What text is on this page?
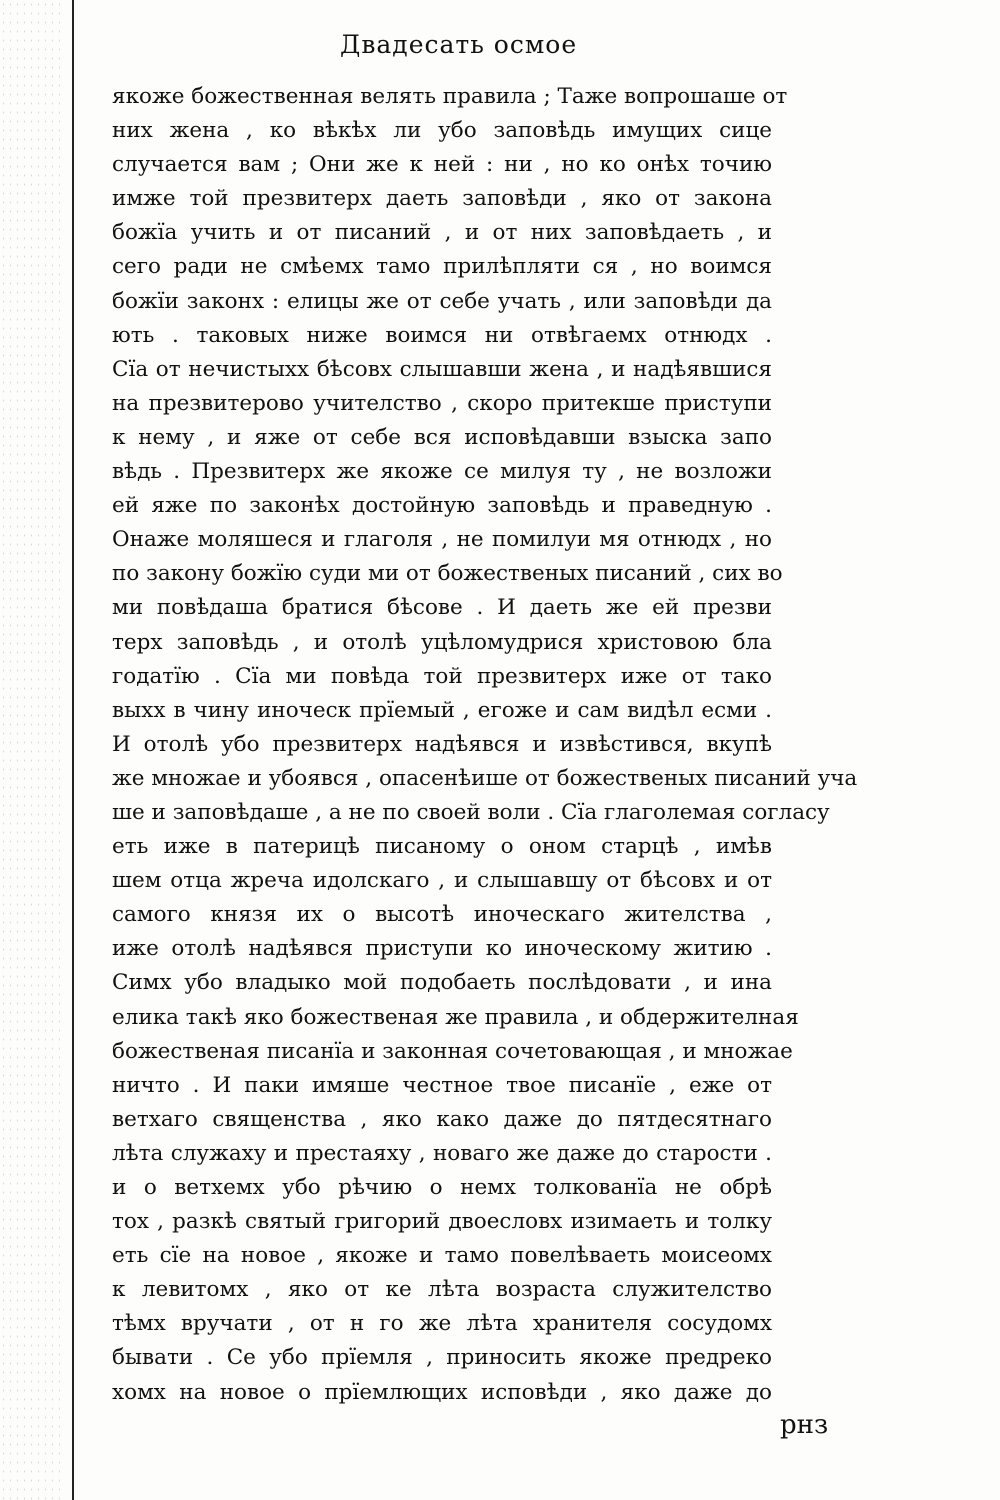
Двадесать осмое
якоже божественная велять правила ; Таже вопрошаше от
них жена , ко вѣкѣх ли убо заповѣдь имущих сице
случается вам ; Они же к ней : ни , но ко онѣх точию
имже той презвитерх даеть заповѣди , яко от закона
божїа учить и от писаний , и от них заповѣдаеть , и
сего ради не смѣемх тамо прилѣпляти ся , но воимся
божїи законх : елицы же от себе учать , или заповѣди да
ють . таковых ниже воимся ни отвѣгаемх отнюдх .
Сїа от нечистыхх бѣсовх слышавши жена , и надѣявшися
на презвитерово учителство , скоро притекше приступи
к нему , и яже от себе вся исповѣдавши взыска запо
вѣдь . Презвитерх же якоже се милуя ту , не возложи
ей яже по законѣх достойную заповѣдь и праведную .
Онаже моляшеся и глаголя , не помилуи мя отнюдх , но
по закону божїю суди ми от божественых писаний , сих во
ми повѣдаша братися бѣсове . И даеть же ей презви
терх заповѣдь , и отолѣ уцѣломудрися христовою бла
годатїю . Сїа ми повѣда той презвитерх иже от тако
выхх в чину иноческ прїемый , егоже и сам видѣл есми .
И отолѣ убо презвитерх надѣявся и извѣстився, вкупѣ
же множае и убоявся , опасенѣише от божественых писаний уча
ше и заповѣдаше , а не по своей воли . Сїа глаголемая согласу
еть иже в патерицѣ писаному о оном старцѣ , имѣв
шем отца жреча идолскаго , и слышавшу от бѣсовх и от
самого князя их о высотѣ иноческаго жителства ,
иже отолѣ надѣявся приступи ко иноческому житию .
Симх убо владыко мой подобаеть послѣдовати , и ина
елика такѣ яко божественая же правила , и обдержителная
божественая писанїа и законная сочетовающая , и множае
ничто . И паки имяше честное твое писанїе , еже от
ветхаго священства , яко како даже до пятдесятнаго
лѣта служаху и престаяху , новаго же даже до старости .
и о ветхемх убо рѣчию о немх толкованїа не обрѣ
тох , разкѣ святый григорий двоесловх изимаеть и толку
еть сїе на новое , якоже и тамо повелѣваеть моисеомх
к левитомх , яко от ке лѣта возраста служителство
тѣмх вручати , от н го же лѣта хранителя сосудомх
бывати . Се убо прїемля , приносить якоже предреко
хомх на новое о прїемлющих исповѣди , яко даже до
рнз
